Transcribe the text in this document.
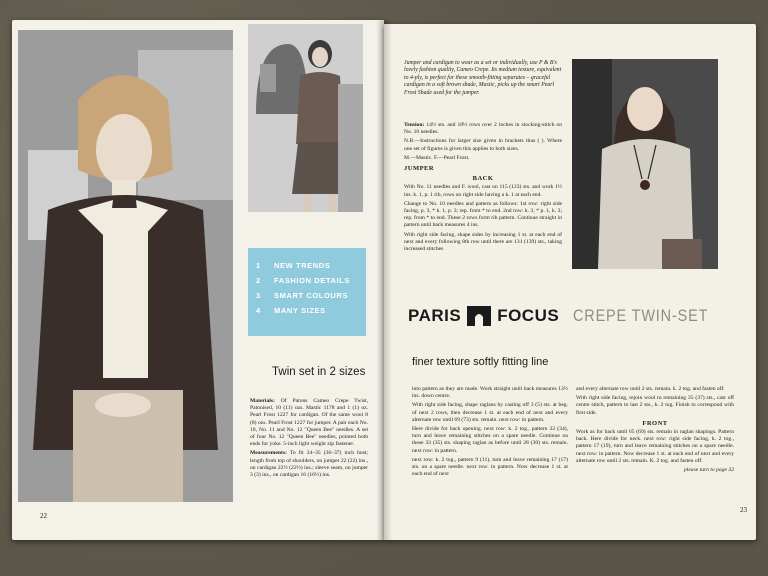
1	NEW TRENDS
2	FASHION DETAILS
3	SMART COLOURS
4	MANY SIZES
Twin set in 2 sizes

Materials: Of Patons Cameo Crepe Twist, Patonised, 10 (11) ozs. Mastic 1178 and 1 (1) oz. Pearl Frost 1227 for cardigan. Of the same wool 8 (8) ozs. Pearl Frost 1227 for jumper. A pair each No. 10, No. 11 and No. 12 "Queen Bee" needles. A set of four No. 12 "Queen Bee" needles, pointed both ends for yoke. 5-inch light weight zip fastener.

Measurements: To fit 34–35 (36–37) inch bust; length from top of shoulders, on jumper 22 (22) ins., on cardigan 22½ (22½) ins.; sleeve seam, on jumper 3 (3) ins., on cardigan 16 (16½) ins.

22

Jumper and cardigan to wear as a set or individually, use P & B's lovely fashion quality, Cameo Crepe. Its medium texture, equivalent to 4-ply, is perfect for these smooth-fitting separates – graceful cardigan in a soft brown shade, Mastic, picks up the smart Pearl Frost Shade used for the jumper.

Tension: 14½ sts. and 18½ rows over 2 inches in stocking-stitch on No. 10 needles.

N.B.—Instructions for larger size given in brackets thus ( ). Where one set of figures is given this applies to both sizes.

M.—Mastic. F.—Pearl Frost.

JUMPER
BACK

With No. 11 needles and F. wool, cast on 115 (123) sts. and work 1½ ins. k. 1, p. 1 rib, rows on right side having a k. 1 at each end.

Change to No. 10 needles and pattern as follows: 1st row: right side facing, p. 3, * k. 1, p. 3; rep. from * to end. 2nd row: k. 3, * p. 1, k. 3; rep. from * to end. These 2 rows form rib pattern. Continue straight in pattern until back measures 4 ins.

With right side facing, shape sides by increasing 1 st. at each end of next and every following 8th row until there are 131 (139) sts., taking increased stitches

PARIS FOCUS CREPE TWIN-SET
finer texture softly fitting line

into pattern as they are made. Work straight until back measures 13½ ins. down centre.

With right side facing, shape raglans by casting off 3 (5) sts. at beg. of next 2 rows, then decrease 1 st. at each end of next and every alternate row until 69 (73) sts. remain. next row: in pattern.

Here divide for back opening. next row: k. 2 tog., pattern 32 (34), turn and leave remaining stitches on a spare needle. Continue on these 33 (35) sts. shaping raglan as before until 28 (30) sts. remain. next row: in pattern.

next row: k. 2 tog., pattern 9 (11), turn and leave remaining 17 (17) sts. on a spare needle. next row: in pattern. Now decrease 1 st. at each end of next

and every alternate row until 2 sts. remain. k. 2 tog. and fasten off.

With right side facing, rejoin wool to remaining 35 (37) sts., cast off centre stitch, pattern to last 2 sts., k. 2 tog. Finish to correspond with first side.

FRONT

Work as for back until 65 (69) sts. remain in raglan shapings. Pattern back. Here divide for neck. next row: right side facing, k. 2 tog., pattern 17 (19), turn and leave remaining stitches on a spare needle. next row: in pattern. Now decrease 1 st. at each end of next and every alternate row until 2 sts. remain. K. 2 tog. and fasten off.

please turn to page 32

23
